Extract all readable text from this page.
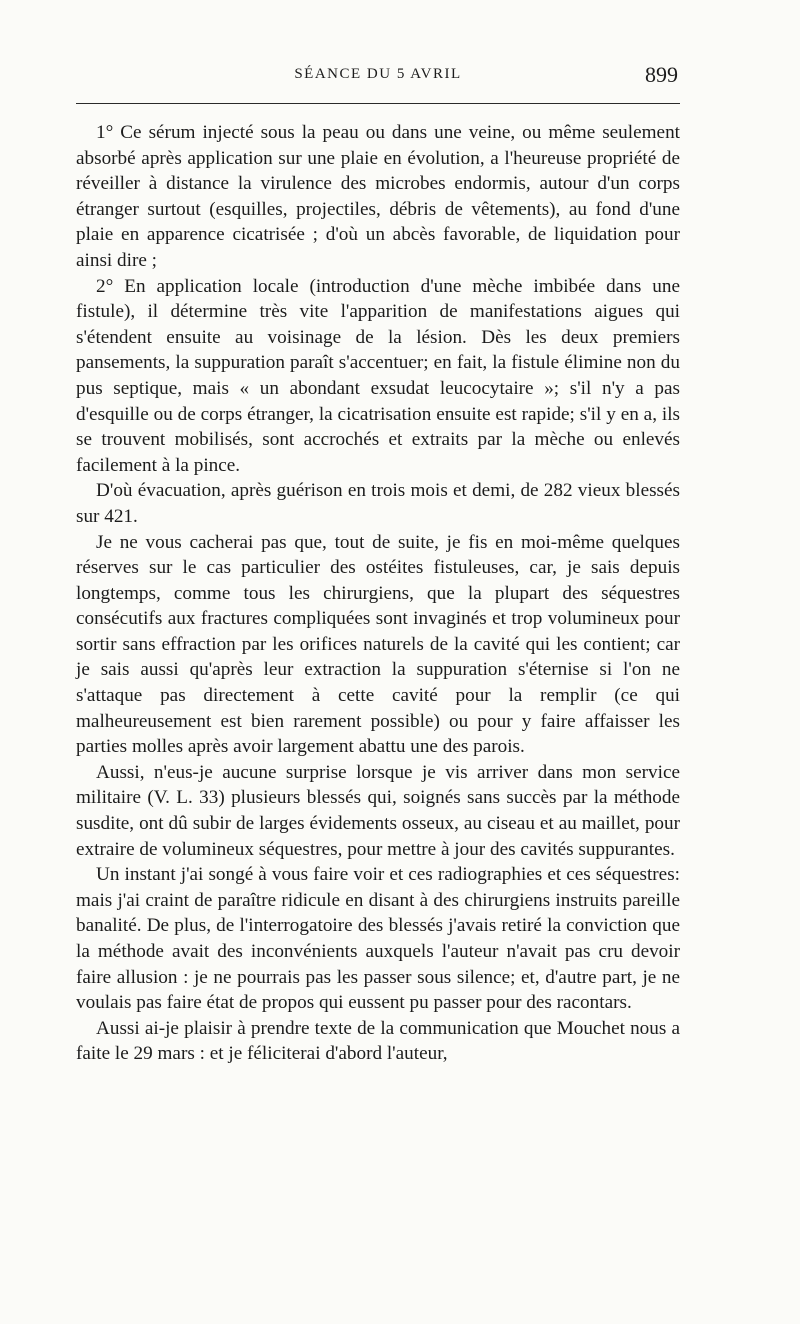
SÉANCE DU 5 AVRIL	899

1° Ce sérum injecté sous la peau ou dans une veine, ou même seulement absorbé après application sur une plaie en évolution, a l'heureuse propriété de réveiller à distance la virulence des microbes endormis, autour d'un corps étranger surtout (esquilles, projectiles, débris de vêtements), au fond d'une plaie en apparence cicatrisée ; d'où un abcès favorable, de liquidation pour ainsi dire ;

2° En application locale (introduction d'une mèche imbibée dans une fistule), il détermine très vite l'apparition de manifestations aigues qui s'étendent ensuite au voisinage de la lésion. Dès les deux premiers pansements, la suppuration paraît s'accentuer; en fait, la fistule élimine non du pus septique, mais « un abondant exsudat leucocytaire »; s'il n'y a pas d'esquille ou de corps étranger, la cicatrisation ensuite est rapide; s'il y en a, ils se trouvent mobilisés, sont accrochés et extraits par la mèche ou enlevés facilement à la pince.

D'où évacuation, après guérison en trois mois et demi, de 282 vieux blessés sur 421.

Je ne vous cacherai pas que, tout de suite, je fis en moi-même quelques réserves sur le cas particulier des ostéites fistuleuses, car, je sais depuis longtemps, comme tous les chirurgiens, que la plupart des séquestres consécutifs aux fractures compliquées sont invaginés et trop volumineux pour sortir sans effraction par les orifices naturels de la cavité qui les contient; car je sais aussi qu'après leur extraction la suppuration s'éternise si l'on ne s'attaque pas directement à cette cavité pour la remplir (ce qui malheureusement est bien rarement possible) ou pour y faire affaisser les parties molles après avoir largement abattu une des parois.

Aussi, n'eus-je aucune surprise lorsque je vis arriver dans mon service militaire (V. L. 33) plusieurs blessés qui, soignés sans succès par la méthode susdite, ont dû subir de larges évidements osseux, au ciseau et au maillet, pour extraire de volumineux séquestres, pour mettre à jour des cavités suppurantes.

Un instant j'ai songé à vous faire voir et ces radiographies et ces séquestres: mais j'ai craint de paraître ridicule en disant à des chirurgiens instruits pareille banalité. De plus, de l'interrogatoire des blessés j'avais retiré la conviction que la méthode avait des inconvénients auxquels l'auteur n'avait pas cru devoir faire allusion : je ne pourrais pas les passer sous silence; et, d'autre part, je ne voulais pas faire état de propos qui eussent pu passer pour des racontars.

Aussi ai-je plaisir à prendre texte de la communication que Mouchet nous a faite le 29 mars : et je féliciterai d'abord l'auteur,
